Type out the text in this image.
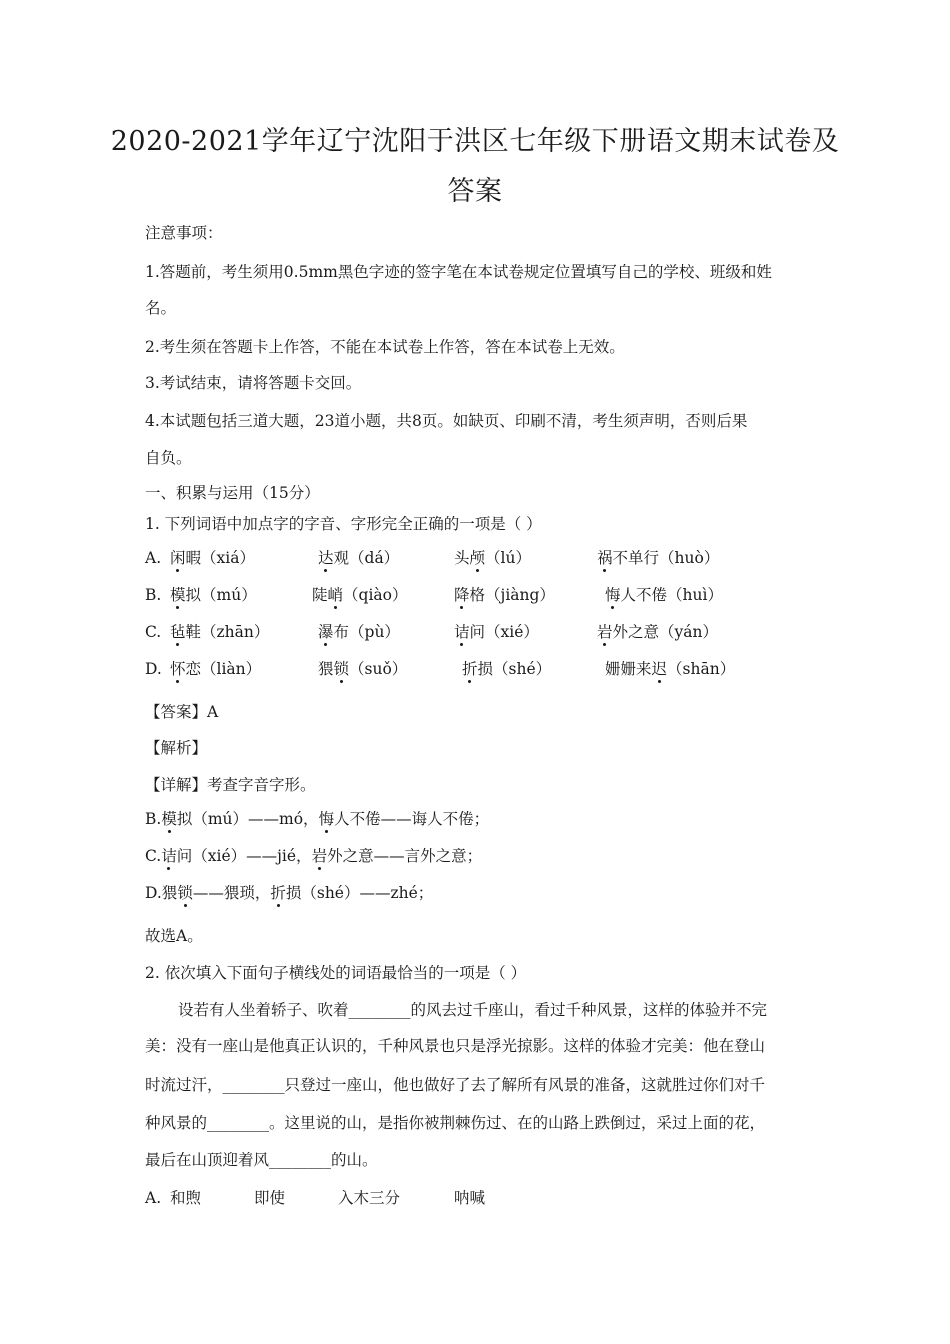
2020-2021学年辽宁沈阳于洪区七年级下册语文期末试卷及
答案
注意事项：
1.答题前，考生须用0.5mm黑色字迹的签字笔在本试卷规定位置填写自己的学校、班级和姓
名。
2.考生须在答题卡上作答，不能在本试卷上作答，答在本试卷上无效。
3.考试结束，请将答题卡交回。
4.本试题包括三道大题，23道小题，共8页。如缺页、印刷不清，考生须声明，否则后果
自负。
一、积累与运用（15分）
1. 下列词语中加点字的字音、字形完全正确的一项是（ ）
A. 闲暇（xiá）	达观（dá）	头颅（lú）	祸不单行（huò）
B. 模拟（mú）	陡峭（qiào）	降格（jiàng）	悔人不倦（huì）
C. 毡鞋（zhān）	瀑布（pù）	诘问（xié）	岩外之意（yán）
D. 怀恋（liàn）	猥锁（suǒ）	折损（shé）	姗姗来迟（shān）
【答案】A
【解析】
【详解】考查字音字形。
B.模拟（mú）——mó，悔人不倦——诲人不倦；
C.诘问（xié）——jié，岩外之意——言外之意；
D.猥锁——猥琐，折损（shé）——zhé；
故选A。
2. 依次填入下面句子横线处的词语最恰当的一项是（ ）
设若有人坐着轿子、吹着________的风去过千座山，看过千种风景，这样的体验并不完
美：没有一座山是他真正认识的，千种风景也只是浮光掠影。这样的体验才完美：他在登山
时流过汗，________只登过一座山，他也做好了去了解所有风景的准备，这就胜过你们对千
种风景的________。这里说的山，是指你被荆棘伤过、在的山路上跌倒过，采过上面的花，
最后在山顶迎着风________的山。
A. 和煦	即使	入木三分	呐喊
